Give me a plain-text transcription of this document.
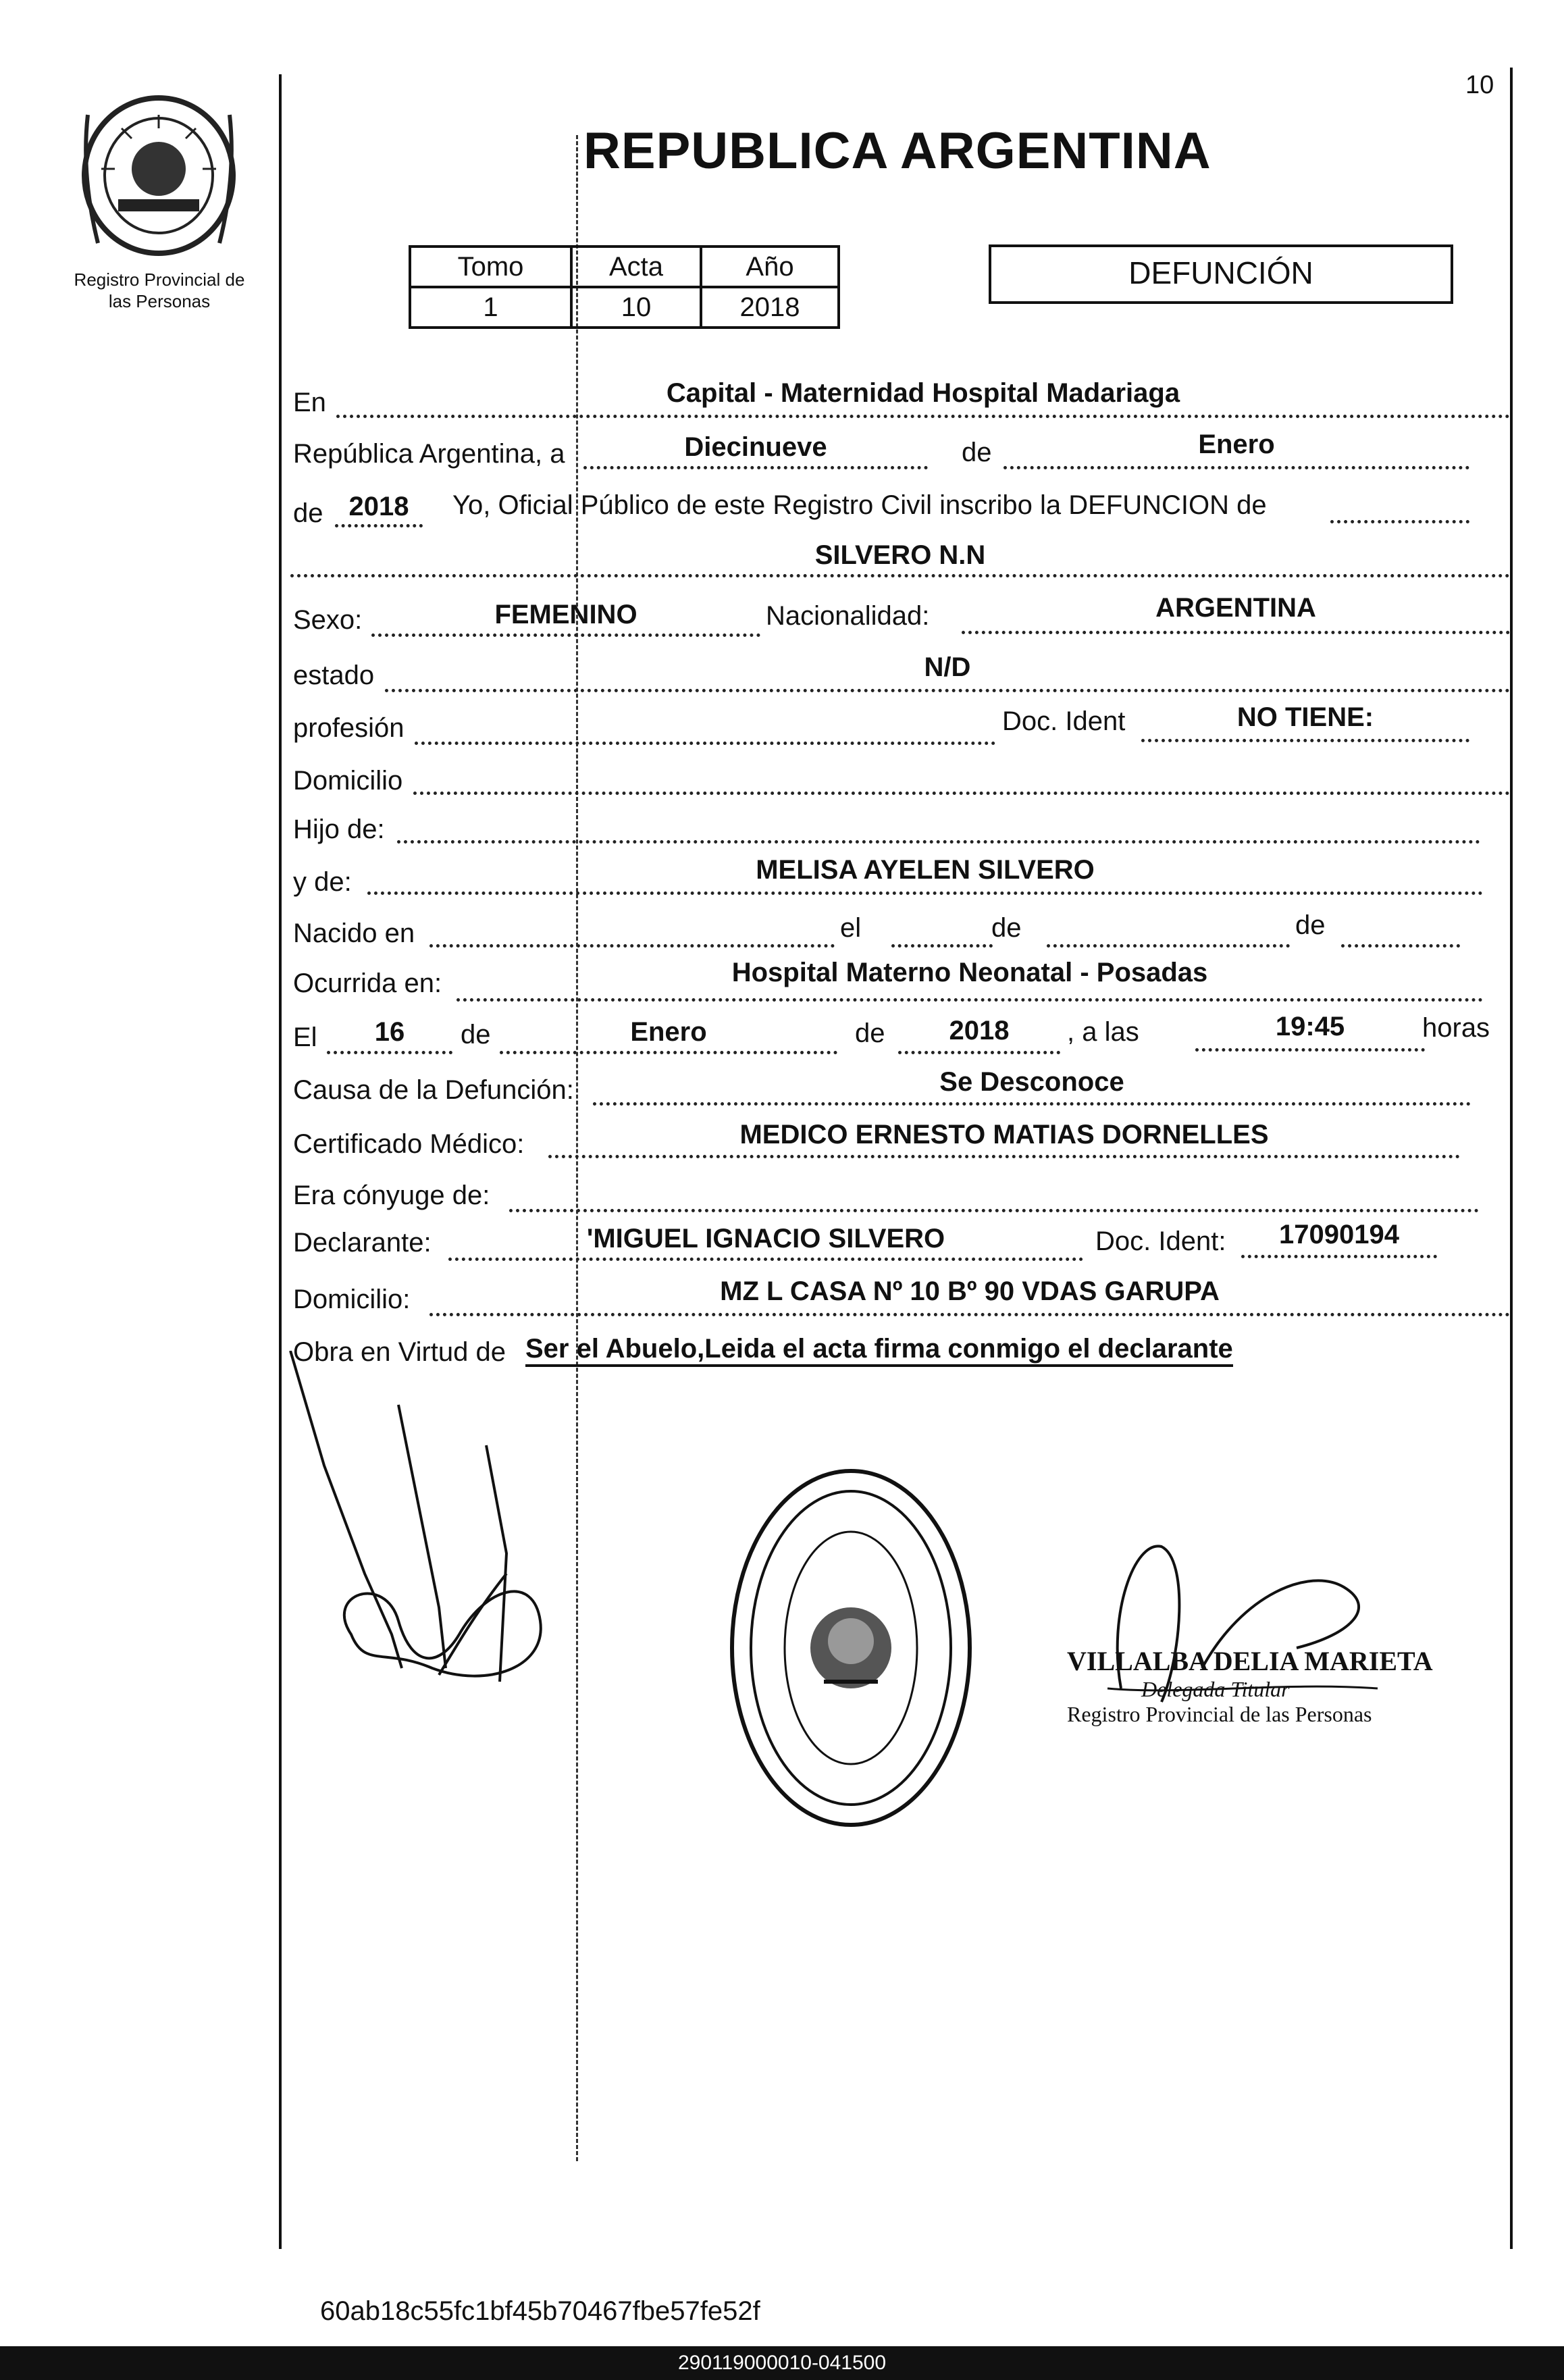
10
Registro Provincial de
las Personas
REPUBLICA ARGENTINA
Tomo	Acta	Año
1	10	2018
DEFUNCIÓN
En	Capital - Maternidad Hospital Madariaga
República Argentina, a	Diecinueve	de	Enero
de 2018	Yo, Oficial Público de este Registro Civil inscribo la DEFUNCION de
SILVERO N.N
Sexo:	FEMENINO	Nacionalidad:	ARGENTINA
estado	N/D
profesión	Doc. Ident	NO TIENE:
Domicilio
Hijo de:
y de:	MELISA AYELEN SILVERO
Nacido en	el	de	de
Ocurrida en:	Hospital Materno Neonatal - Posadas
El	16	de	Enero	de	2018	, a las	19:45	horas
Causa de la Defunción:	Se Desconoce
Certificado Médico:	MEDICO ERNESTO MATIAS DORNELLES
Era cónyuge de:
Declarante:	'MIGUEL IGNACIO SILVERO	Doc. Ident:	17090194
Domicilio:	MZ L CASA Nº 10 Bº 90 VDAS GARUPA
Obra en Virtud de Ser el Abuelo,Leida el acta firma conmigo el declarante
VILLALBA DELIA MARIETA
Delegada Titular
Registro Provincial de las Personas
60ab18c55fc1bf45b70467fbe57fe52f
290119000010-041500
